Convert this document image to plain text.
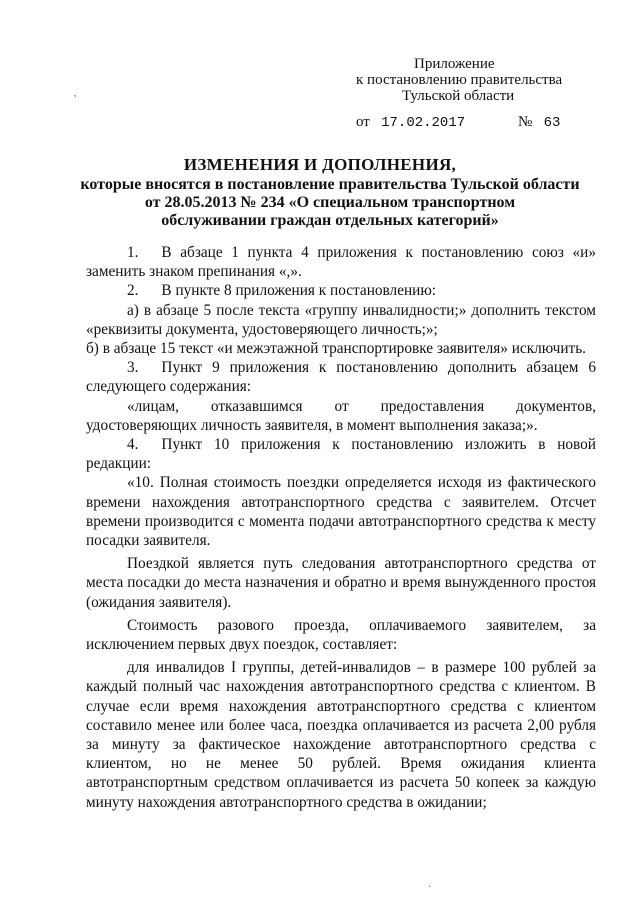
Приложение
к постановлению правительства
Тульской области
от 17.02.2017	№ 63
ИЗМЕНЕНИЯ И ДОПОЛНЕНИЯ,
которые вносятся в постановление правительства Тульской области
от 28.05.2013 № 234 «О специальном транспортном
обслуживании граждан отдельных категорий»

1.  В абзаце 1 пункта 4 приложения к постановлению союз «и» заменить знаком препинания «,».

2.  В пункте 8 приложения к постановлению:

а) в абзаце 5 после текста «группу инвалидности;» дополнить текстом «реквизиты документа, удостоверяющего личность;»;

б) в абзаце 15 текст «и межэтажной транспортировке заявителя» исключить.

3.  Пункт 9 приложения к постановлению дополнить абзацем 6 следующего содержания:

«лицам, отказавшимся от предоставления документов, удостоверяющих личность заявителя, в момент выполнения заказа;».

4.  Пункт 10 приложения к постановлению изложить в новой редакции:

«10. Полная стоимость поездки определяется исходя из фактического времени нахождения автотранспортного средства с заявителем. Отсчет времени производится с момента подачи автотранспортного средства к месту посадки заявителя.

Поездкой является путь следования автотранспортного средства от места посадки до места назначения и обратно и время вынужденного простоя (ожидания заявителя).

Стоимость разового проезда, оплачиваемого заявителем, за исключением первых двух поездок, составляет:

для инвалидов I группы, детей-инвалидов – в размере 100 рублей за каждый полный час нахождения автотранспортного средства с клиентом. В случае если время нахождения автотранспортного средства с клиентом составило менее или более часа, поездка оплачивается из расчета 2,00 рубля за минуту за фактическое нахождение автотранспортного средства с клиентом, но не менее 50 рублей. Время ожидания клиента автотранспортным средством оплачивается из расчета 50 копеек за каждую минуту нахождения автотранспортного средства в ожидании;

,
·
